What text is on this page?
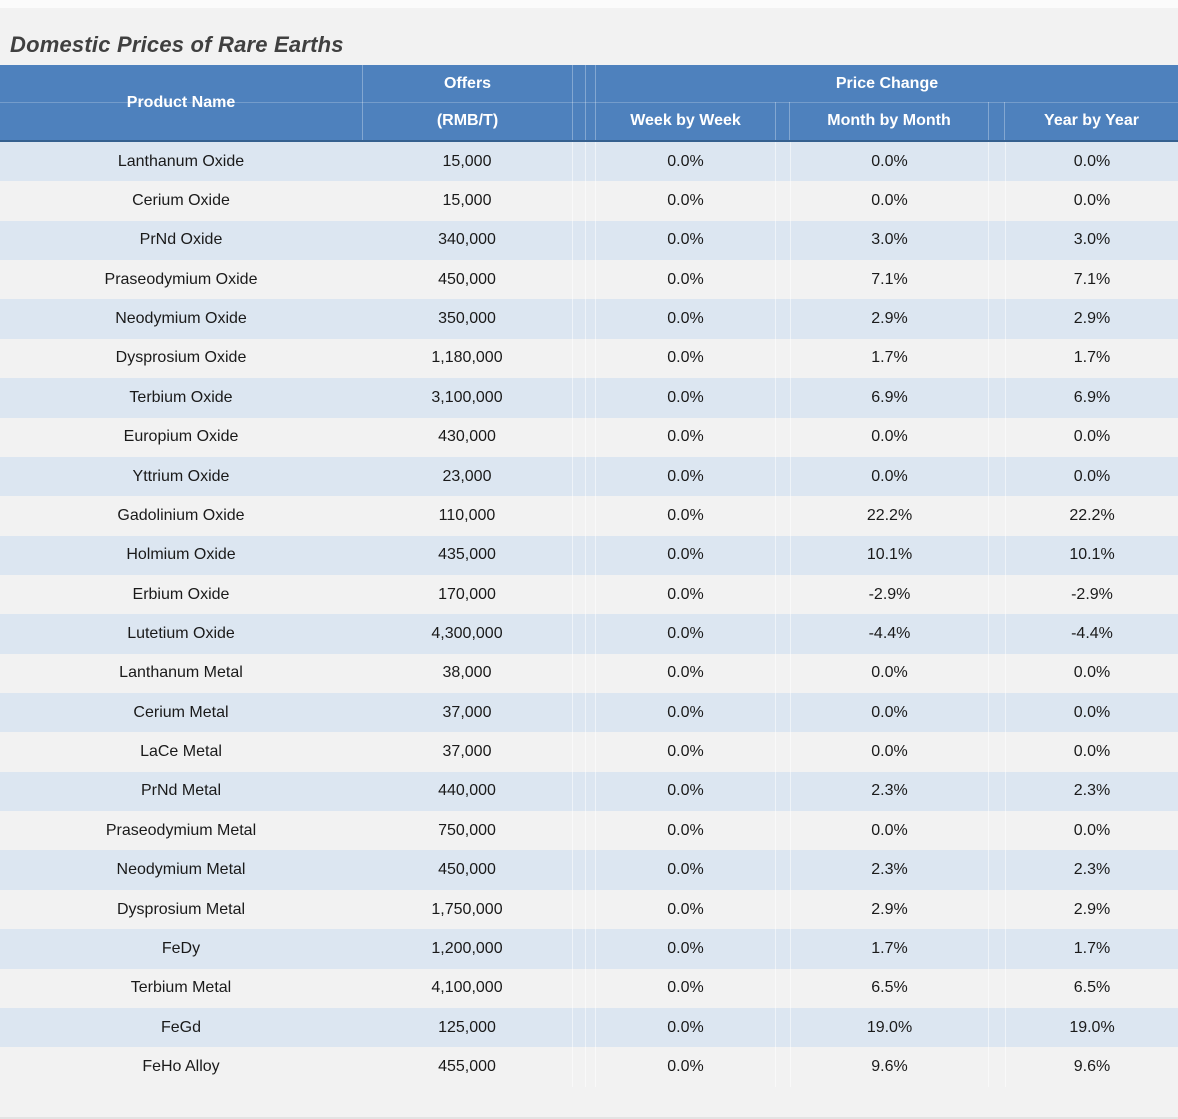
Domestic Prices of Rare Earths
Product Name
Offers
(RMB/T)
Price Change
Week by Week	Month by Month	Year by Year
Lanthanum Oxide	15,000	0.0%	0.0%	0.0%
Cerium Oxide	15,000	0.0%	0.0%	0.0%
PrNd Oxide	340,000	0.0%	3.0%	3.0%
Praseodymium Oxide	450,000	0.0%	7.1%	7.1%
Neodymium Oxide	350,000	0.0%	2.9%	2.9%
Dysprosium Oxide	1,180,000	0.0%	1.7%	1.7%
Terbium Oxide	3,100,000	0.0%	6.9%	6.9%
Europium Oxide	430,000	0.0%	0.0%	0.0%
Yttrium Oxide	23,000	0.0%	0.0%	0.0%
Gadolinium Oxide	110,000	0.0%	22.2%	22.2%
Holmium Oxide	435,000	0.0%	10.1%	10.1%
Erbium Oxide	170,000	0.0%	-2.9%	-2.9%
Lutetium Oxide	4,300,000	0.0%	-4.4%	-4.4%
Lanthanum Metal	38,000	0.0%	0.0%	0.0%
Cerium Metal	37,000	0.0%	0.0%	0.0%
LaCe Metal	37,000	0.0%	0.0%	0.0%
PrNd Metal	440,000	0.0%	2.3%	2.3%
Praseodymium Metal	750,000	0.0%	0.0%	0.0%
Neodymium Metal	450,000	0.0%	2.3%	2.3%
Dysprosium Metal	1,750,000	0.0%	2.9%	2.9%
FeDy	1,200,000	0.0%	1.7%	1.7%
Terbium Metal	4,100,000	0.0%	6.5%	6.5%
FeGd	125,000	0.0%	19.0%	19.0%
FeHo Alloy	455,000	0.0%	9.6%	9.6%
